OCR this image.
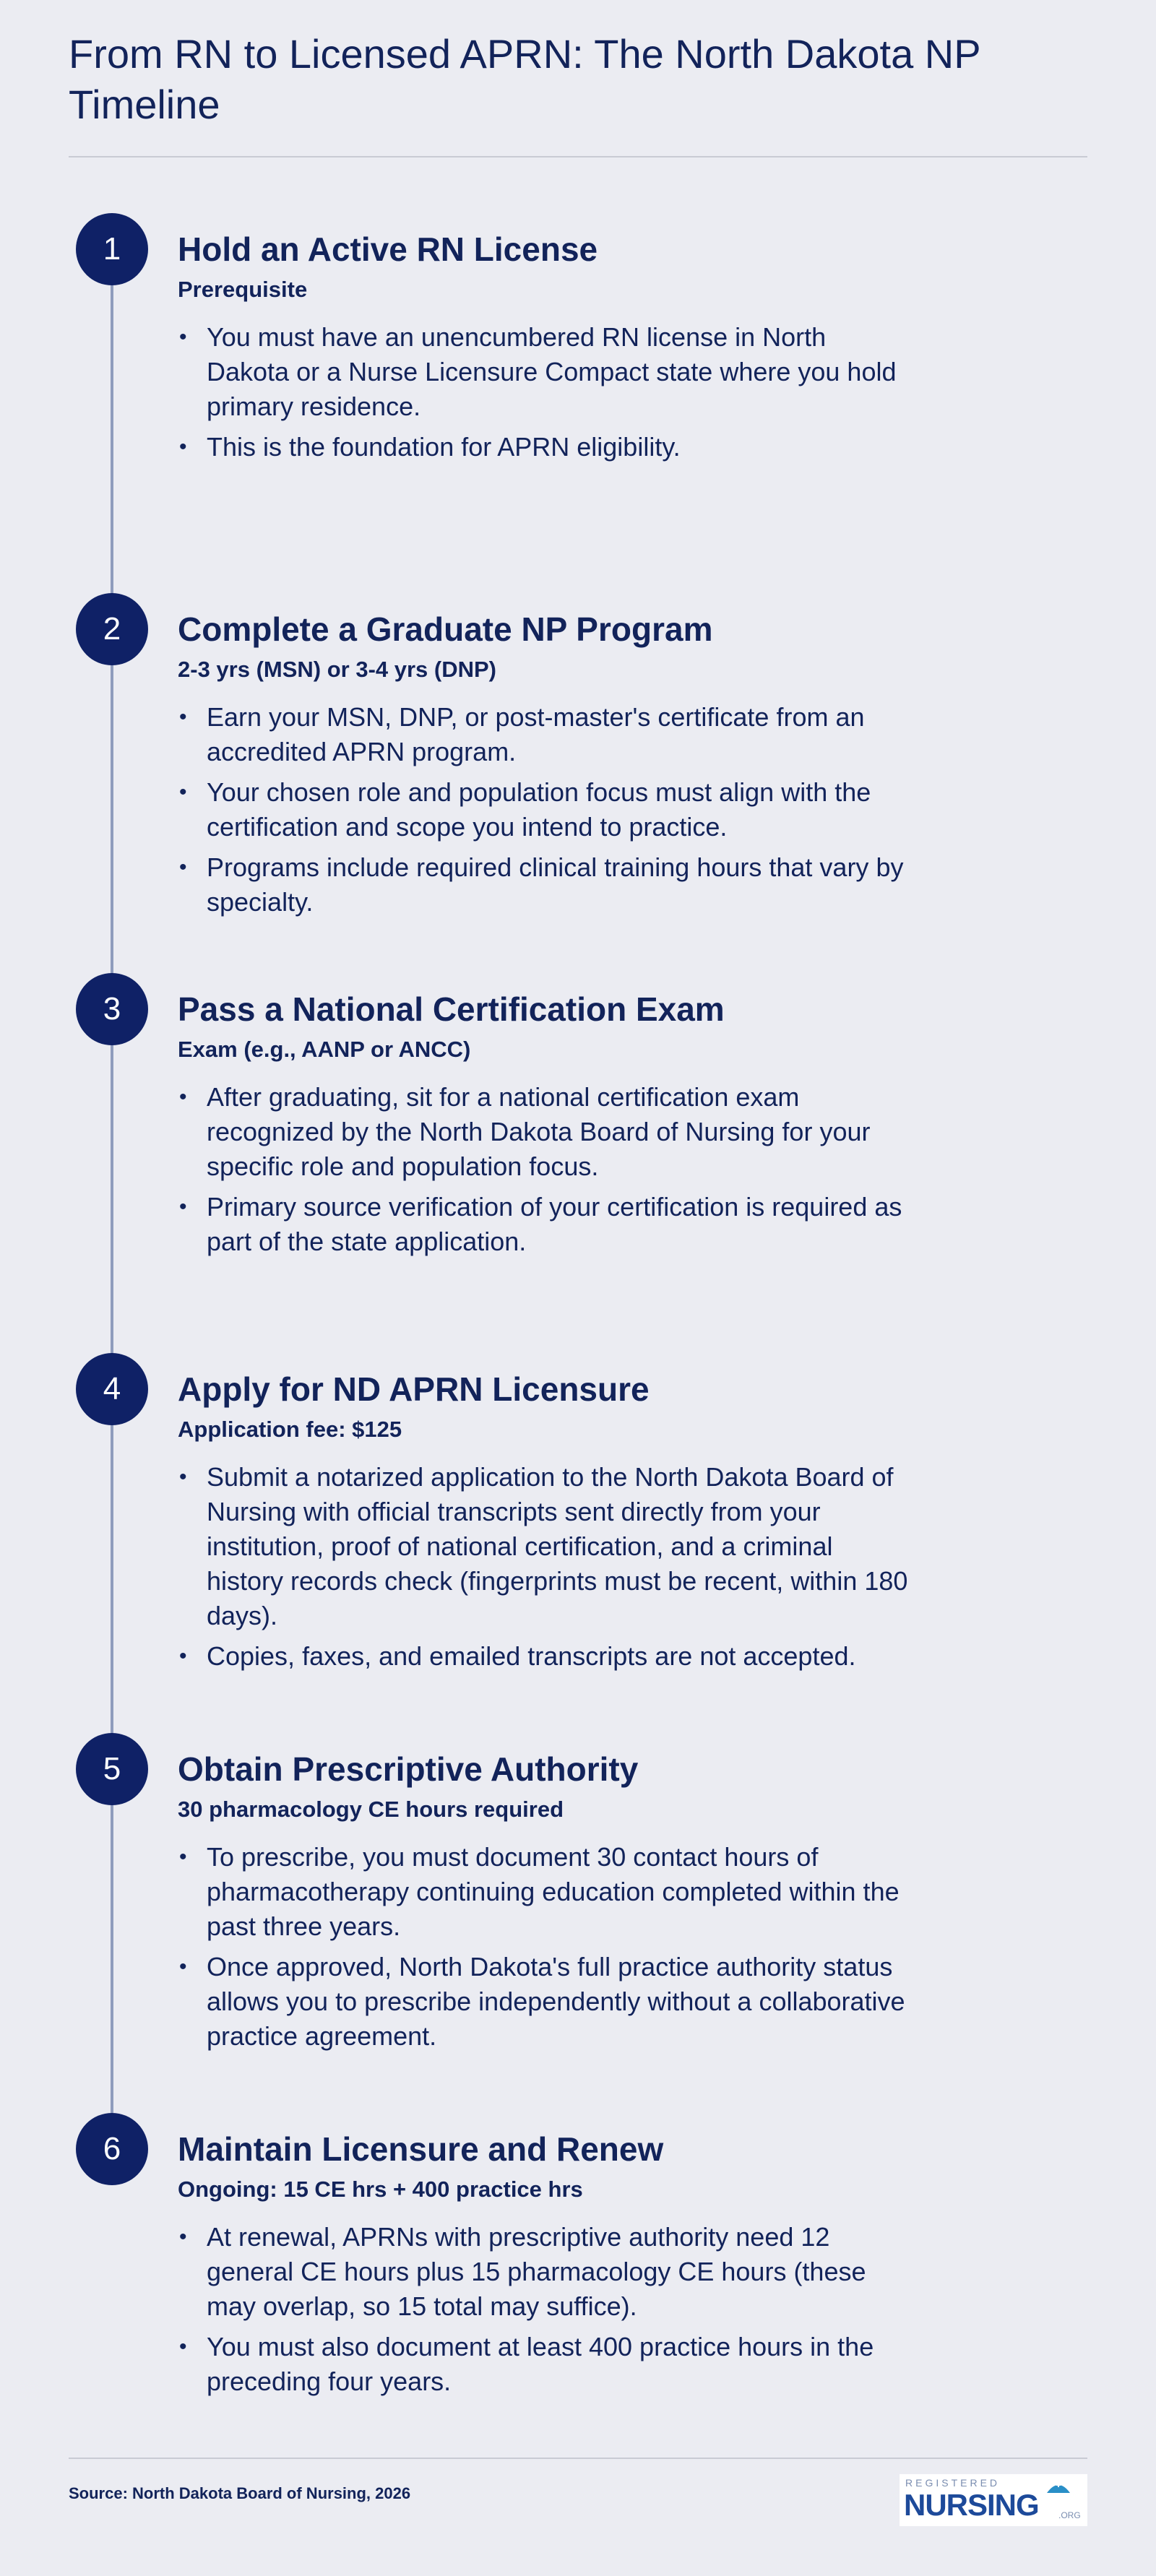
From RN to Licensed APRN: The North Dakota NP Timeline
1	Hold an Active RN License
Prerequisite
• You must have an unencumbered RN license in North Dakota or a Nurse Licensure Compact state where you hold primary residence.
• This is the foundation for APRN eligibility.
2	Complete a Graduate NP Program
2-3 yrs (MSN) or 3-4 yrs (DNP)
• Earn your MSN, DNP, or post-master's certificate from an accredited APRN program.
• Your chosen role and population focus must align with the certification and scope you intend to practice.
• Programs include required clinical training hours that vary by specialty.
3	Pass a National Certification Exam
Exam (e.g., AANP or ANCC)
• After graduating, sit for a national certification exam recognized by the North Dakota Board of Nursing for your specific role and population focus.
• Primary source verification of your certification is required as part of the state application.
4	Apply for ND APRN Licensure
Application fee: $125
• Submit a notarized application to the North Dakota Board of Nursing with official transcripts sent directly from your institution, proof of national certification, and a criminal history records check (fingerprints must be recent, within 180 days).
• Copies, faxes, and emailed transcripts are not accepted.
5	Obtain Prescriptive Authority
30 pharmacology CE hours required
• To prescribe, you must document 30 contact hours of pharmacotherapy continuing education completed within the past three years.
• Once approved, North Dakota's full practice authority status allows you to prescribe independently without a collaborative practice agreement.
6	Maintain Licensure and Renew
Ongoing: 15 CE hrs + 400 practice hrs
• At renewal, APRNs with prescriptive authority need 12 general CE hours plus 15 pharmacology CE hours (these may overlap, so 15 total may suffice).
• You must also document at least 400 practice hours in the preceding four years.
Source: North Dakota Board of Nursing, 2026
REGISTERED
NURSING .ORG
